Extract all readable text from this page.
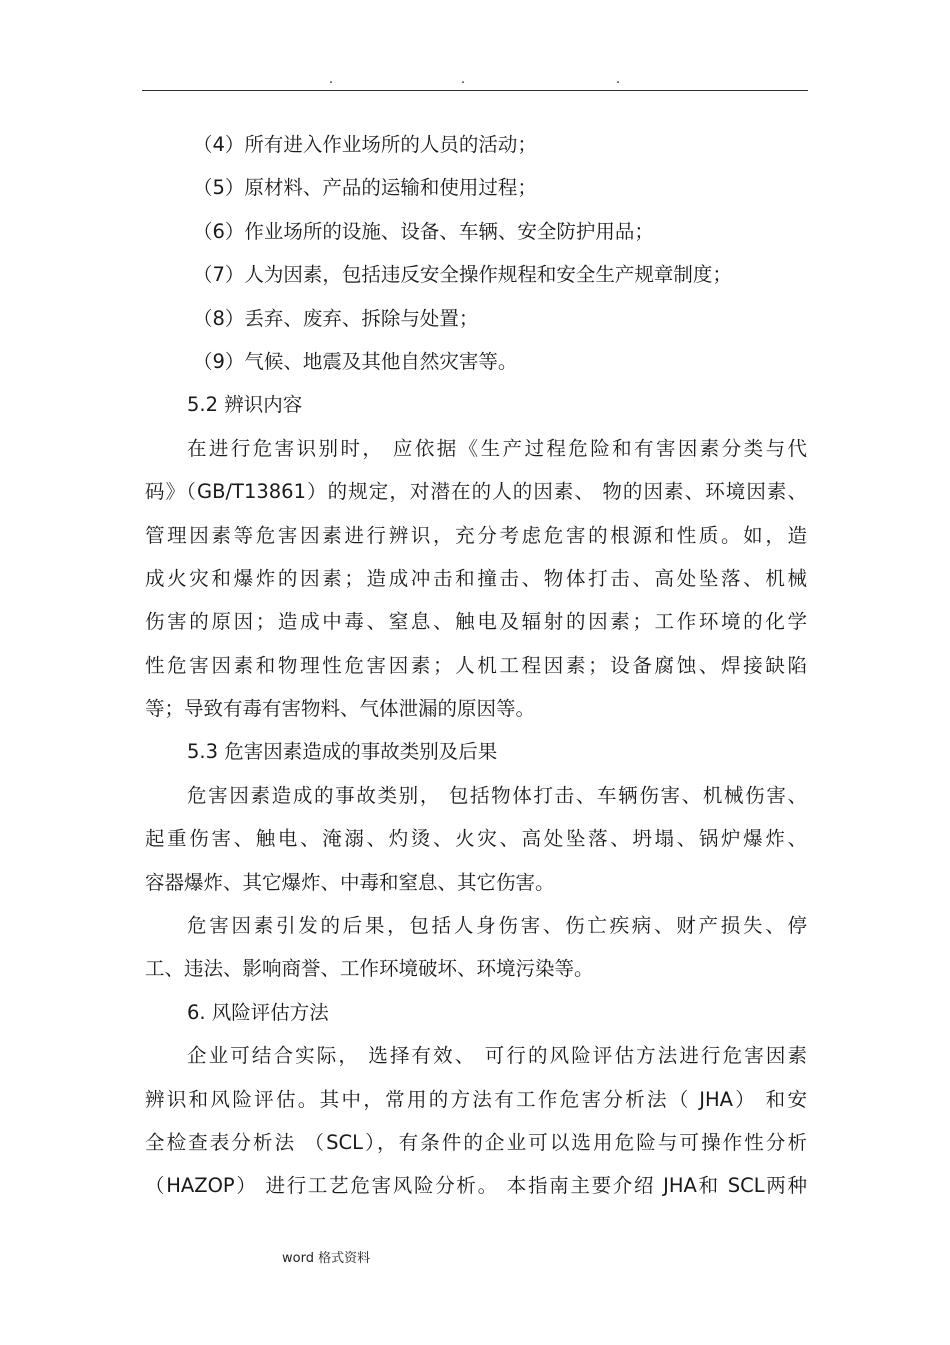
.	.	.
（4）所有进入作业场所的人员的活动；
（5）原材料、产品的运输和使用过程；
（6）作业场所的设施、设备、车辆、安全防护用品；
（7）人为因素，包括违反安全操作规程和安全生产规章制度；
（8）丢弃、废弃、拆除与处置；
（9）气候、地震及其他自然灾害等。
5.2 辨识内容
在进行危害识别时， 应依据《生产过程危险和有害因素分类与代
码》（GB/T13861）的规定，对潜在的人的因素、 物的因素、环境因素、
管理因素等危害因素进行辨识，充分考虑危害的根源和性质。如，造
成火灾和爆炸的因素；造成冲击和撞击、物体打击、高处坠落、机械
伤害的原因；造成中毒、窒息、触电及辐射的因素；工作环境的化学
性危害因素和物理性危害因素；人机工程因素；设备腐蚀、焊接缺陷
等；导致有毒有害物料、气体泄漏的原因等。
5.3 危害因素造成的事故类别及后果
危害因素造成的事故类别， 包括物体打击、车辆伤害、机械伤害、
起重伤害、触电、淹溺、灼烫、火灾、高处坠落、坍塌、锅炉爆炸、
容器爆炸、其它爆炸、中毒和窒息、其它伤害。
危害因素引发的后果，包括人身伤害、伤亡疾病、财产损失、停
工、违法、影响商誉、工作环境破坏、环境污染等。
6. 风险评估方法
企业可结合实际， 选择有效、 可行的风险评估方法进行危害因素
辨识和风险评估。其中，常用的方法有工作危害分析法（ JHA） 和安
全检查表分析法 （SCL），有条件的企业可以选用危险与可操作性分析
（HAZOP） 进行工艺危害风险分析。 本指南主要介绍 JHA和 SCL两种
word 格式资料
